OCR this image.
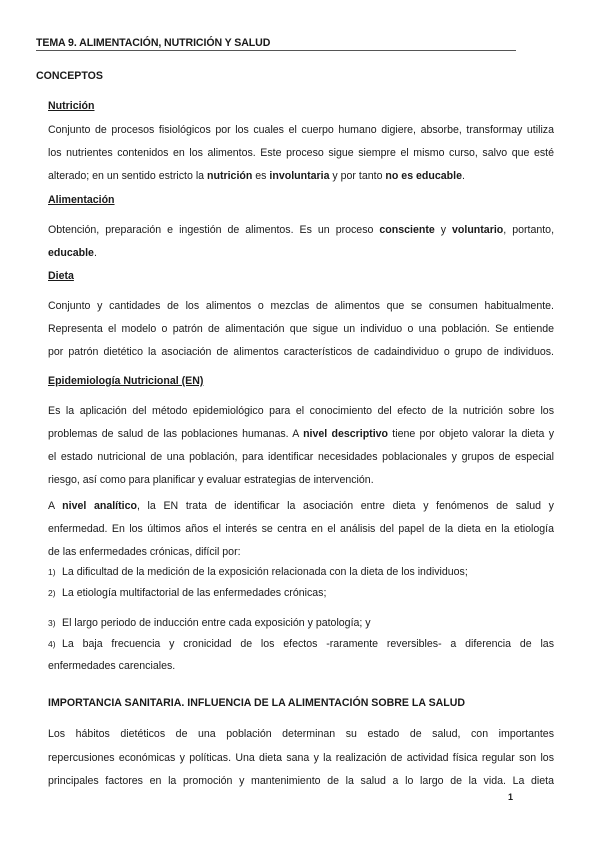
TEMA 9. ALIMENTACIÓN, NUTRICIÓN Y SALUD
CONCEPTOS
Nutrición
Conjunto de procesos fisiológicos por los cuales el cuerpo humano digiere, absorbe, transformay utiliza
los nutrientes contenidos en los alimentos. Este proceso sigue siempre el mismo curso, salvo que esté
alterado; en un sentido estricto la nutrición es involuntaria y por tanto no es educable.
Alimentación
Obtención, preparación e ingestión de alimentos. Es un proceso consciente y voluntario, portanto,
educable.
Dieta
Conjunto y cantidades de los alimentos o mezclas de alimentos que se consumen habitualmente.
Representa el modelo o patrón de alimentación que sigue un individuo o una población. Se entiende
por patrón dietético la asociación de alimentos característicos de cadaindividuo o grupo de individuos.
Epidemiología Nutricional (EN)
Es la aplicación del método epidemiológico para el conocimiento del efecto de la nutrición sobre los
problemas de salud de las poblaciones humanas. A nivel descriptivo tiene por objeto valorar la dieta y
el estado nutricional de una población, para identificar necesidades poblacionales y grupos de especial
riesgo, así como para planificar y evaluar estrategias de intervención.
A nivel analítico, la EN trata de identificar la asociación entre dieta y fenómenos de salud y
enfermedad. En los últimos años el interés se centra en el análisis del papel de la dieta en la etiología
de las enfermedades crónicas, difícil por:
1) La dificultad de la medición de la exposición relacionada con la dieta de los individuos;
2) La etiología multifactorial de las enfermedades crónicas;
3) El largo periodo de inducción entre cada exposición y patología; y
4) La baja frecuencia y cronicidad de los efectos -raramente reversibles- a diferencia de las
enfermedades carenciales.
IMPORTANCIA SANITARIA. INFLUENCIA DE LA ALIMENTACIÓN SOBRE LA SALUD
Los hábitos dietéticos de una población determinan su estado de salud, con importantes
repercusiones económicas y políticas. Una dieta sana y la realización de actividad física regular son los
principales factores en la promoción y mantenimiento de la salud a lo largo de la vida. La dieta
1
